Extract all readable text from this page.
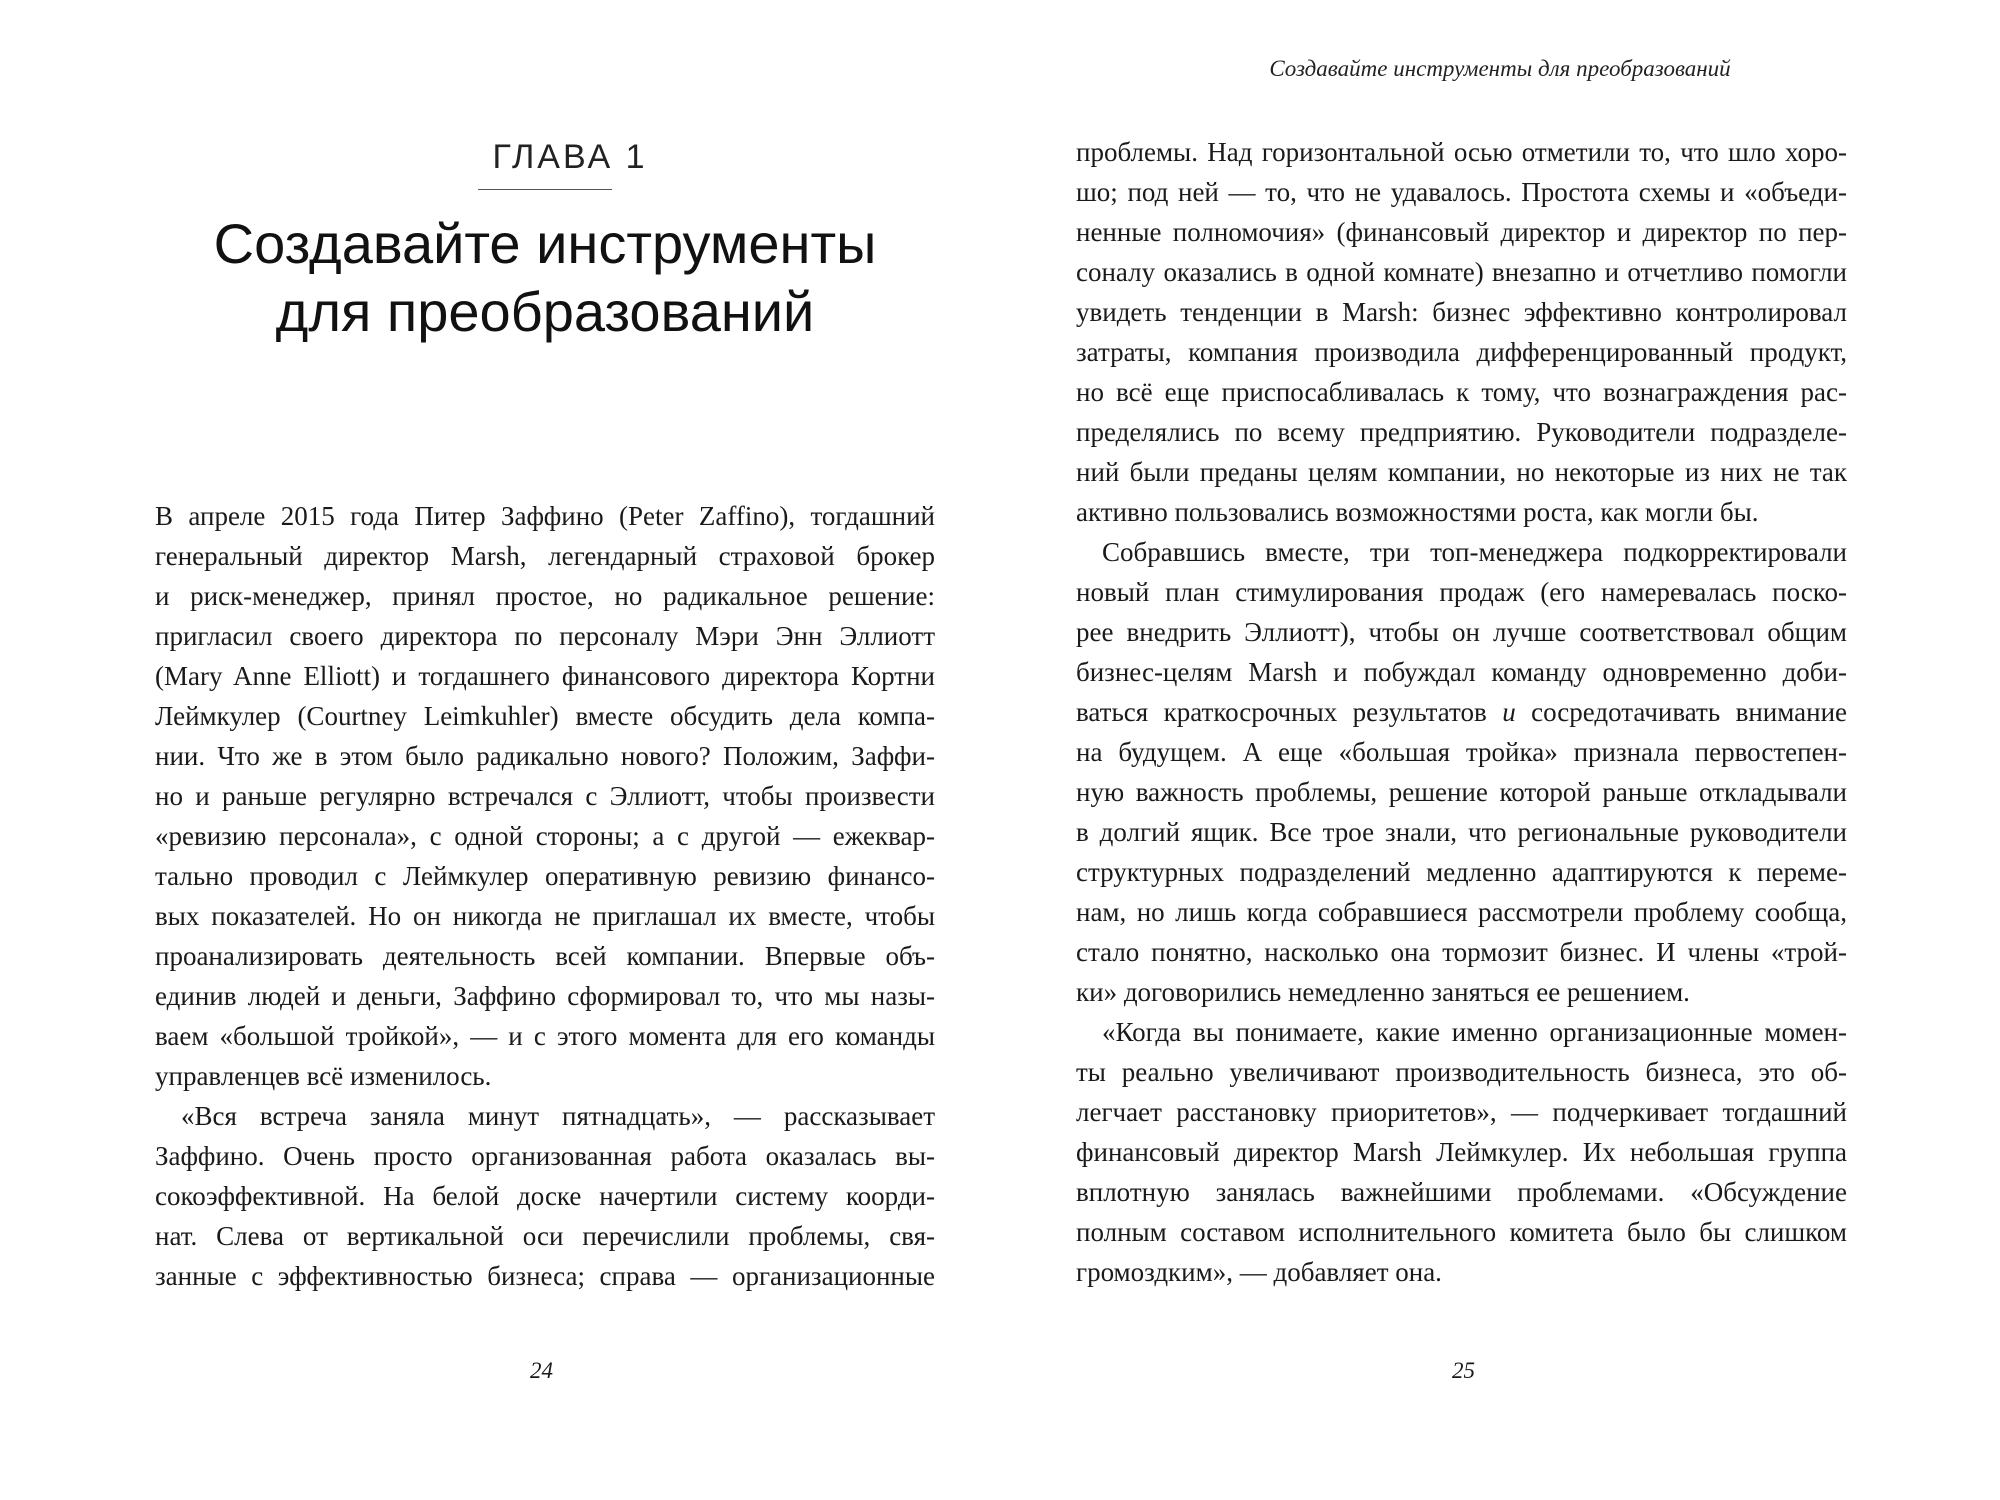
ГЛАВА 1
Создавайте инструменты
для преобразований
В апреле 2015 года Питер Заффино (Peter Zaffino), тогдашний
генеральный директор Marsh, легендарный страховой брокер
и риск-менеджер, принял простое, но радикальное решение:
пригласил своего директора по персоналу Мэри Энн Эллиотт
(Mary Anne Elliott) и тогдашнего финансового директора Кортни
Леймкулер (Courtney Leimkuhler) вместе обсудить дела компа-
нии. Что же в этом было радикально нового? Положим, Заффи-
но и раньше регулярно встречался с Эллиотт, чтобы произвести
«ревизию персонала», с одной стороны; а с другой — ежеквар-
тально проводил с Леймкулер оперативную ревизию финансо-
вых показателей. Но он никогда не приглашал их вместе, чтобы
проанализировать деятельность всей компании. Впервые объ-
единив людей и деньги, Заффино сформировал то, что мы назы-
ваем «большой тройкой», — и с этого момента для его команды
управленцев всё изменилось.
«Вся встреча заняла минут пятнадцать», — рассказывает
Заффино. Очень просто организованная работа оказалась вы-
сокоэффективной. На белой доске начертили систему коорди-
нат. Слева от вертикальной оси перечислили проблемы, свя-
занные с эффективностью бизнеса; справа — организационные
24
Создавайте инструменты для преобразований
проблемы. Над горизонтальной осью отметили то, что шло хоро-
шо; под ней — то, что не удавалось. Простота схемы и «объеди-
ненные полномочия» (финансовый директор и директор по пер-
соналу оказались в одной комнате) внезапно и отчетливо помогли
увидеть тенденции в Marsh: бизнес эффективно контролировал
затраты, компания производила дифференцированный продукт,
но всё еще приспосабливалась к тому, что вознаграждения рас-
пределялись по всему предприятию. Руководители подразделе-
ний были преданы целям компании, но некоторые из них не так
активно пользовались возможностями роста, как могли бы.
Собравшись вместе, три топ-менеджера подкорректировали
новый план стимулирования продаж (его намеревалась поско-
рее внедрить Эллиотт), чтобы он лучше соответствовал общим
бизнес-целям Marsh и побуждал команду одновременно доби-
ваться краткосрочных результатов и сосредотачивать внимание
на будущем. А еще «большая тройка» признала первостепен-
ную важность проблемы, решение которой раньше откладывали
в долгий ящик. Все трое знали, что региональные руководители
структурных подразделений медленно адаптируются к переме-
нам, но лишь когда собравшиеся рассмотрели проблему сообща,
стало понятно, насколько она тормозит бизнес. И члены «трой-
ки» договорились немедленно заняться ее решением.
«Когда вы понимаете, какие именно организационные момен-
ты реально увеличивают производительность бизнеса, это об-
легчает расстановку приоритетов», — подчеркивает тогдашний
финансовый директор Marsh Леймкулер. Их небольшая группа
вплотную занялась важнейшими проблемами. «Обсуждение
полным составом исполнительного комитета было бы слишком
громоздким», — добавляет она.
25
